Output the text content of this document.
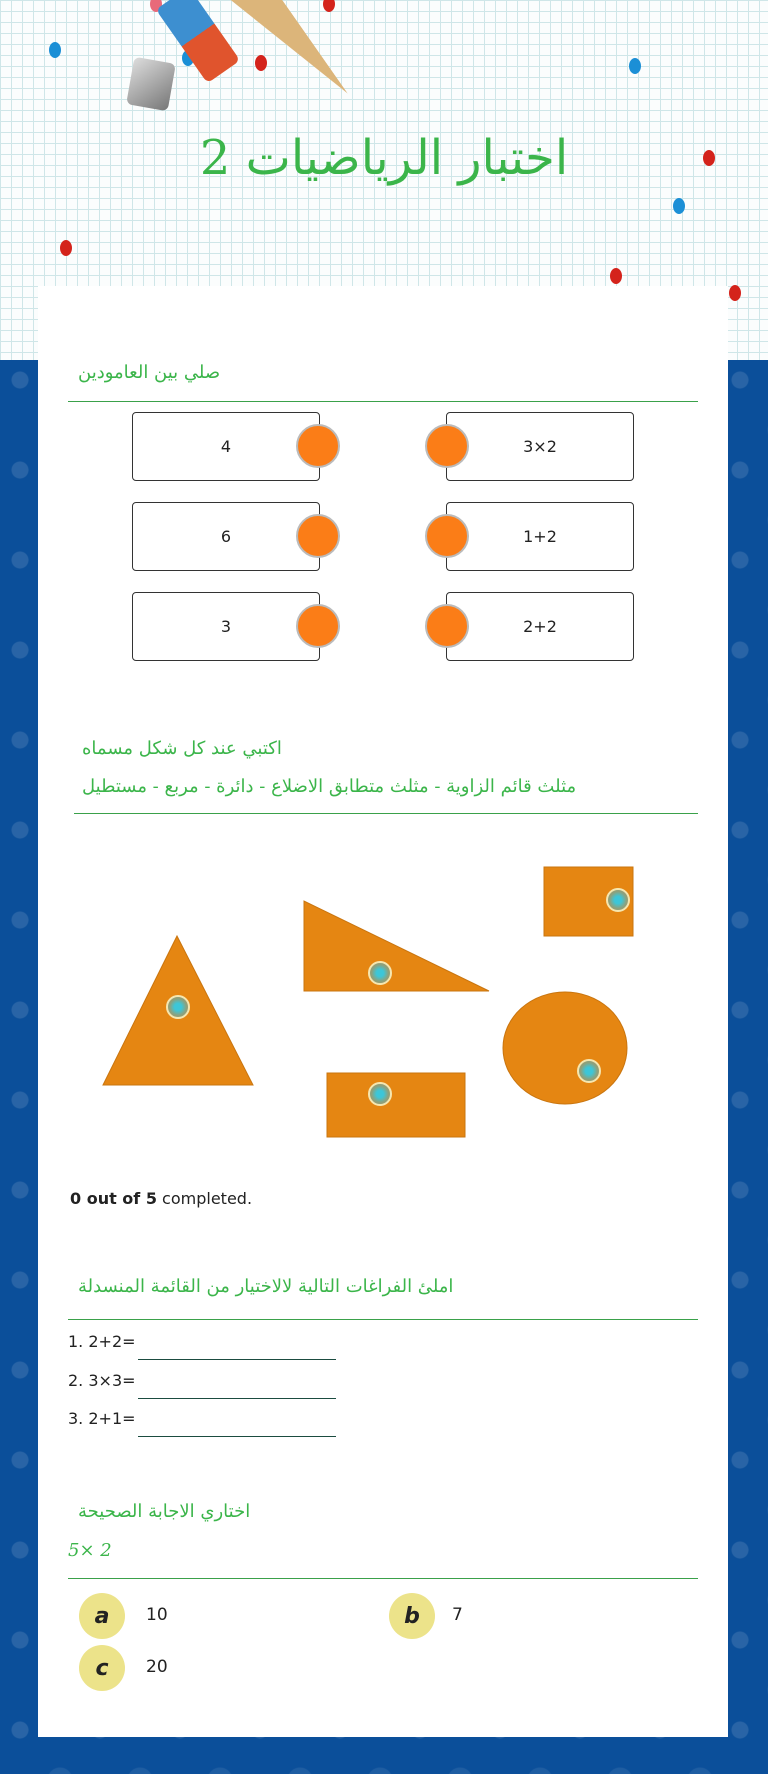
اختبار الرياضيات 2
صلي بين العامودين
4
6
3
3×2
1+2
2+2
اكتبي عند كل شكل مسماه
مثلث قائم الزاوية - مثلث متطابق الاضلاع - دائرة - مربع - مستطيل
0 out of 5 completed.
املئ الفراغات التالية لالاختيار من القائمة المنسدلة
1. 2+2=
2. 3×3=
3. 2+1=
اختاري الاجابة الصحيحة
5× 2
a 10	b 7
c 20
